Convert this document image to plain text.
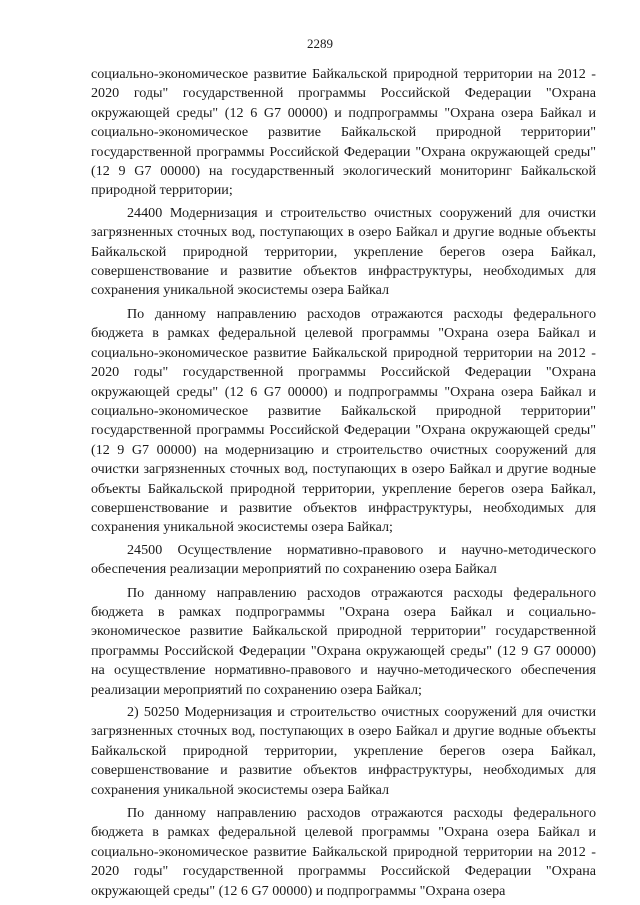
2289

социально-экономическое развитие Байкальской природной территории на 2012 - 2020 годы" государственной программы Российской Федерации "Охрана окружающей среды" (12 6 G7 00000) и подпрограммы "Охрана озера Байкал и социально-экономическое развитие Байкальской природной территории" государственной программы Российской Федерации "Охрана окружающей среды" (12 9 G7 00000) на государственный экологический мониторинг Байкальской природной территории;

24400 Модернизация и строительство очистных сооружений для очистки загрязненных сточных вод, поступающих в озеро Байкал и другие водные объекты Байкальской природной территории, укрепление берегов озера Байкал, совершенствование и развитие объектов инфраструктуры, необходимых для сохранения уникальной экосистемы озера Байкал

По данному направлению расходов отражаются расходы федерального бюджета в рамках федеральной целевой программы "Охрана озера Байкал и социально-экономическое развитие Байкальской природной территории на 2012 - 2020 годы" государственной программы Российской Федерации "Охрана окружающей среды" (12 6 G7 00000) и подпрограммы "Охрана озера Байкал и социально-экономическое развитие Байкальской природной территории" государственной программы Российской Федерации "Охрана окружающей среды" (12 9 G7 00000) на модернизацию и строительство очистных сооружений для очистки загрязненных сточных вод, поступающих в озеро Байкал и другие водные объекты Байкальской природной территории, укрепление берегов озера Байкал, совершенствование и развитие объектов инфраструктуры, необходимых для сохранения уникальной экосистемы озера Байкал;

24500 Осуществление нормативно-правового и научно-методического обеспечения реализации мероприятий по сохранению озера Байкал

По данному направлению расходов отражаются расходы федерального бюджета в рамках подпрограммы "Охрана озера Байкал и социально-экономическое развитие Байкальской природной территории" государственной программы Российской Федерации "Охрана окружающей среды" (12 9 G7 00000) на осуществление нормативно-правового и научно-методического обеспечения реализации мероприятий по сохранению озера Байкал;

2) 50250 Модернизация и строительство очистных сооружений для очистки загрязненных сточных вод, поступающих в озеро Байкал и другие водные объекты Байкальской природной территории, укрепление берегов озера Байкал, совершенствование и развитие объектов инфраструктуры, необходимых для сохранения уникальной экосистемы озера Байкал

По данному направлению расходов отражаются расходы федерального бюджета в рамках федеральной целевой программы "Охрана озера Байкал и социально-экономическое развитие Байкальской природной территории на 2012 - 2020 годы" государственной программы Российской Федерации "Охрана окружающей среды" (12 6 G7 00000) и подпрограммы "Охрана озера
